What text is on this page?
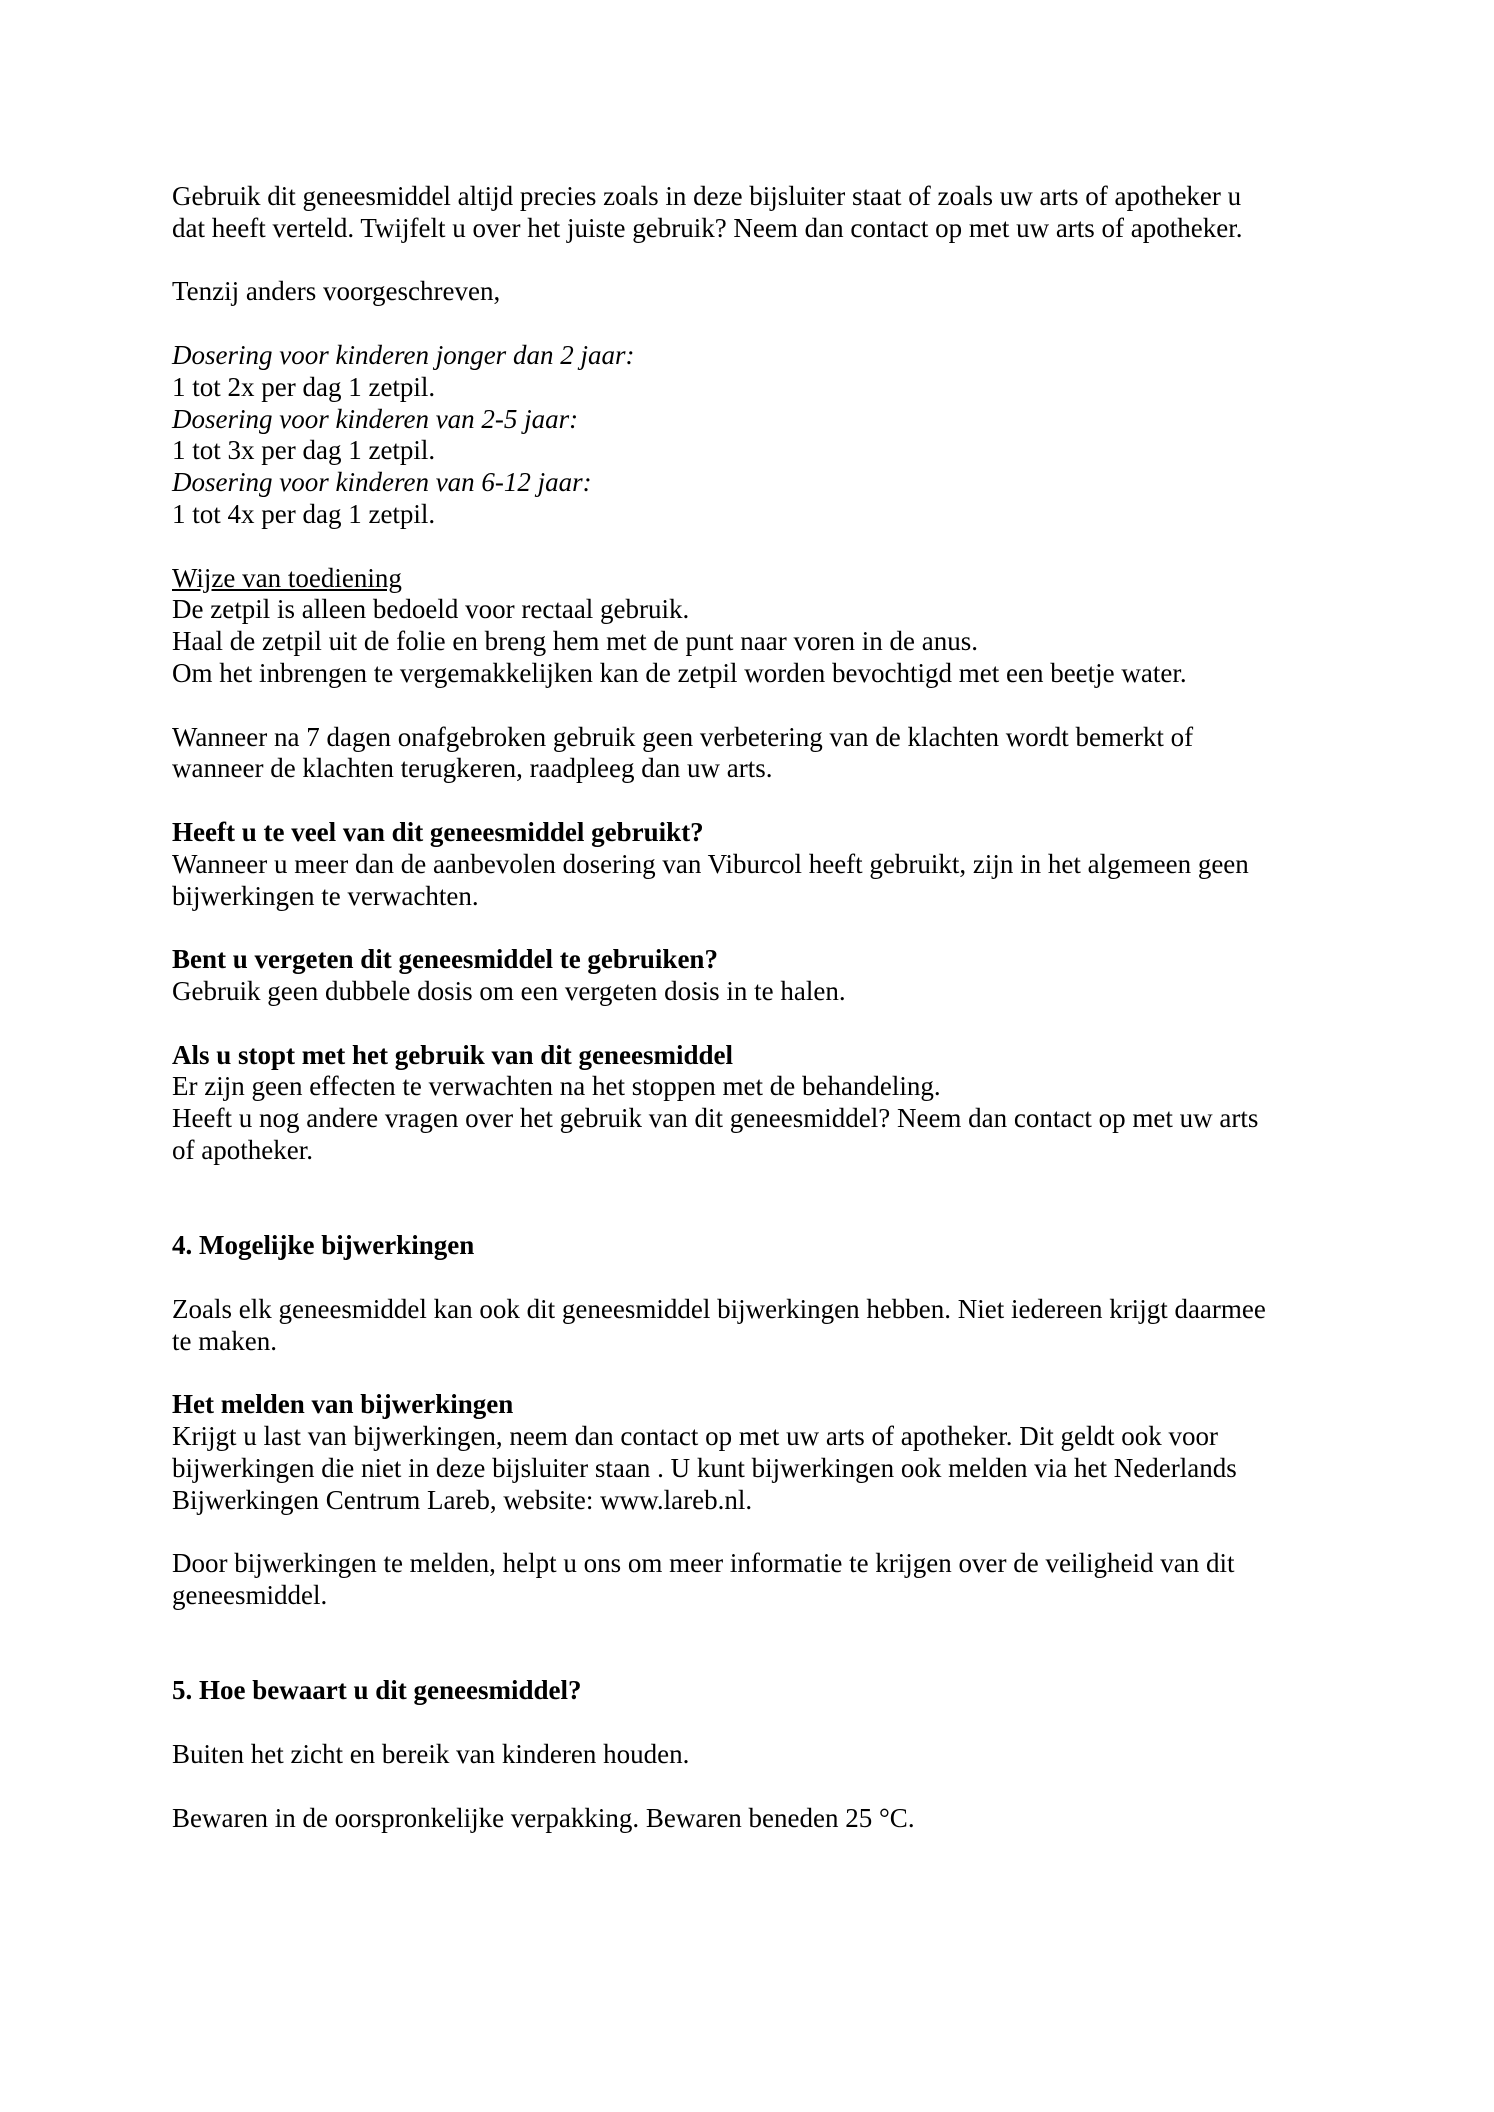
Gebruik dit geneesmiddel altijd precies zoals in deze bijsluiter staat of zoals uw arts of apotheker u
dat heeft verteld. Twijfelt u over het juiste gebruik? Neem dan contact op met uw arts of apotheker.
Tenzij anders voorgeschreven,
Dosering voor kinderen jonger dan 2 jaar:
1 tot 2x per dag 1 zetpil.
Dosering voor kinderen van 2-5 jaar:
1 tot 3x per dag 1 zetpil.
Dosering voor kinderen van 6-12 jaar:
1 tot 4x per dag 1 zetpil.
Wijze van toediening
De zetpil is alleen bedoeld voor rectaal gebruik.
Haal de zetpil uit de folie en breng hem met de punt naar voren in de anus.
Om het inbrengen te vergemakkelijken kan de zetpil worden bevochtigd met een beetje water.
Wanneer na 7 dagen onafgebroken gebruik geen verbetering van de klachten wordt bemerkt of
wanneer de klachten terugkeren, raadpleeg dan uw arts.
Heeft u te veel van dit geneesmiddel gebruikt?
Wanneer u meer dan de aanbevolen dosering van Viburcol heeft gebruikt, zijn in het algemeen geen
bijwerkingen te verwachten.
Bent u vergeten dit geneesmiddel te gebruiken?
Gebruik geen dubbele dosis om een vergeten dosis in te halen.
Als u stopt met het gebruik van dit geneesmiddel
Er zijn geen effecten te verwachten na het stoppen met de behandeling.
Heeft u nog andere vragen over het gebruik van dit geneesmiddel? Neem dan contact op met uw arts
of apotheker.
4. Mogelijke bijwerkingen
Zoals elk geneesmiddel kan ook dit geneesmiddel bijwerkingen hebben. Niet iedereen krijgt daarmee
te maken.
Het melden van bijwerkingen
Krijgt u last van bijwerkingen, neem dan contact op met uw arts of apotheker. Dit geldt ook voor
bijwerkingen die niet in deze bijsluiter staan . U kunt bijwerkingen ook melden via het Nederlands
Bijwerkingen Centrum Lareb, website: www.lareb.nl.
Door bijwerkingen te melden, helpt u ons om meer informatie te krijgen over de veiligheid van dit
geneesmiddel.
5. Hoe bewaart u dit geneesmiddel?
Buiten het zicht en bereik van kinderen houden.
Bewaren in de oorspronkelijke verpakking. Bewaren beneden 25 °C.
